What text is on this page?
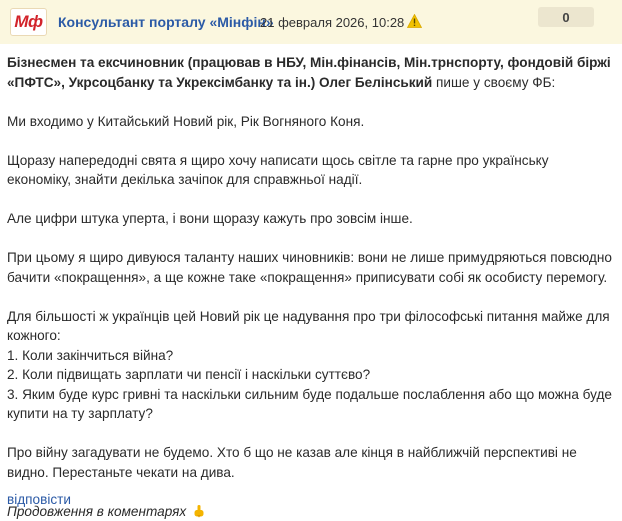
Мф	Консультант порталу «Мінфін»
21 февраля 2026, 10:28	0

Бізнесмен та ексчиновник (працював в НБУ, Мін.фінансів, Мін.трнспорту, фондовій біржі «ПФТС», Укрсоцбанку та Укрексімбанку та ін.) Олег Белінський пише у своєму ФБ:

Ми входимо у Китайський Новий рік, Рік Вогняного Коня.

Щоразу напередодні свята я щиро хочу написати щось світле та гарне про українську економіку, знайти декілька зачіпок для справжньої надії.

Але цифри штука уперта, і вони щоразу кажуть про зовсім інше.

При цьому я щиро дивуюся таланту наших чиновників: вони не лише примудряються повсюдно бачити «покращення», а ще кожне таке «покращення» приписувати собі як особисту перемогу.

Для більшості ж українців цей Новий рік це надування про три філософські питання майже для кожного:

1. Коли закінчиться війна?

2. Коли підвищать зарплати чи пенсії і наскільки суттєво?

3. Яким буде курс гривні та наскільки сильним буде подальше послаблення або що можна буде купити на ту зарплату?

Про війну загадувати не будемо. Хто б що не казав але кінця в найближчій перспективі не видно. Перестаньте чекати на дива.

Продовження в коментарях

відповісти
